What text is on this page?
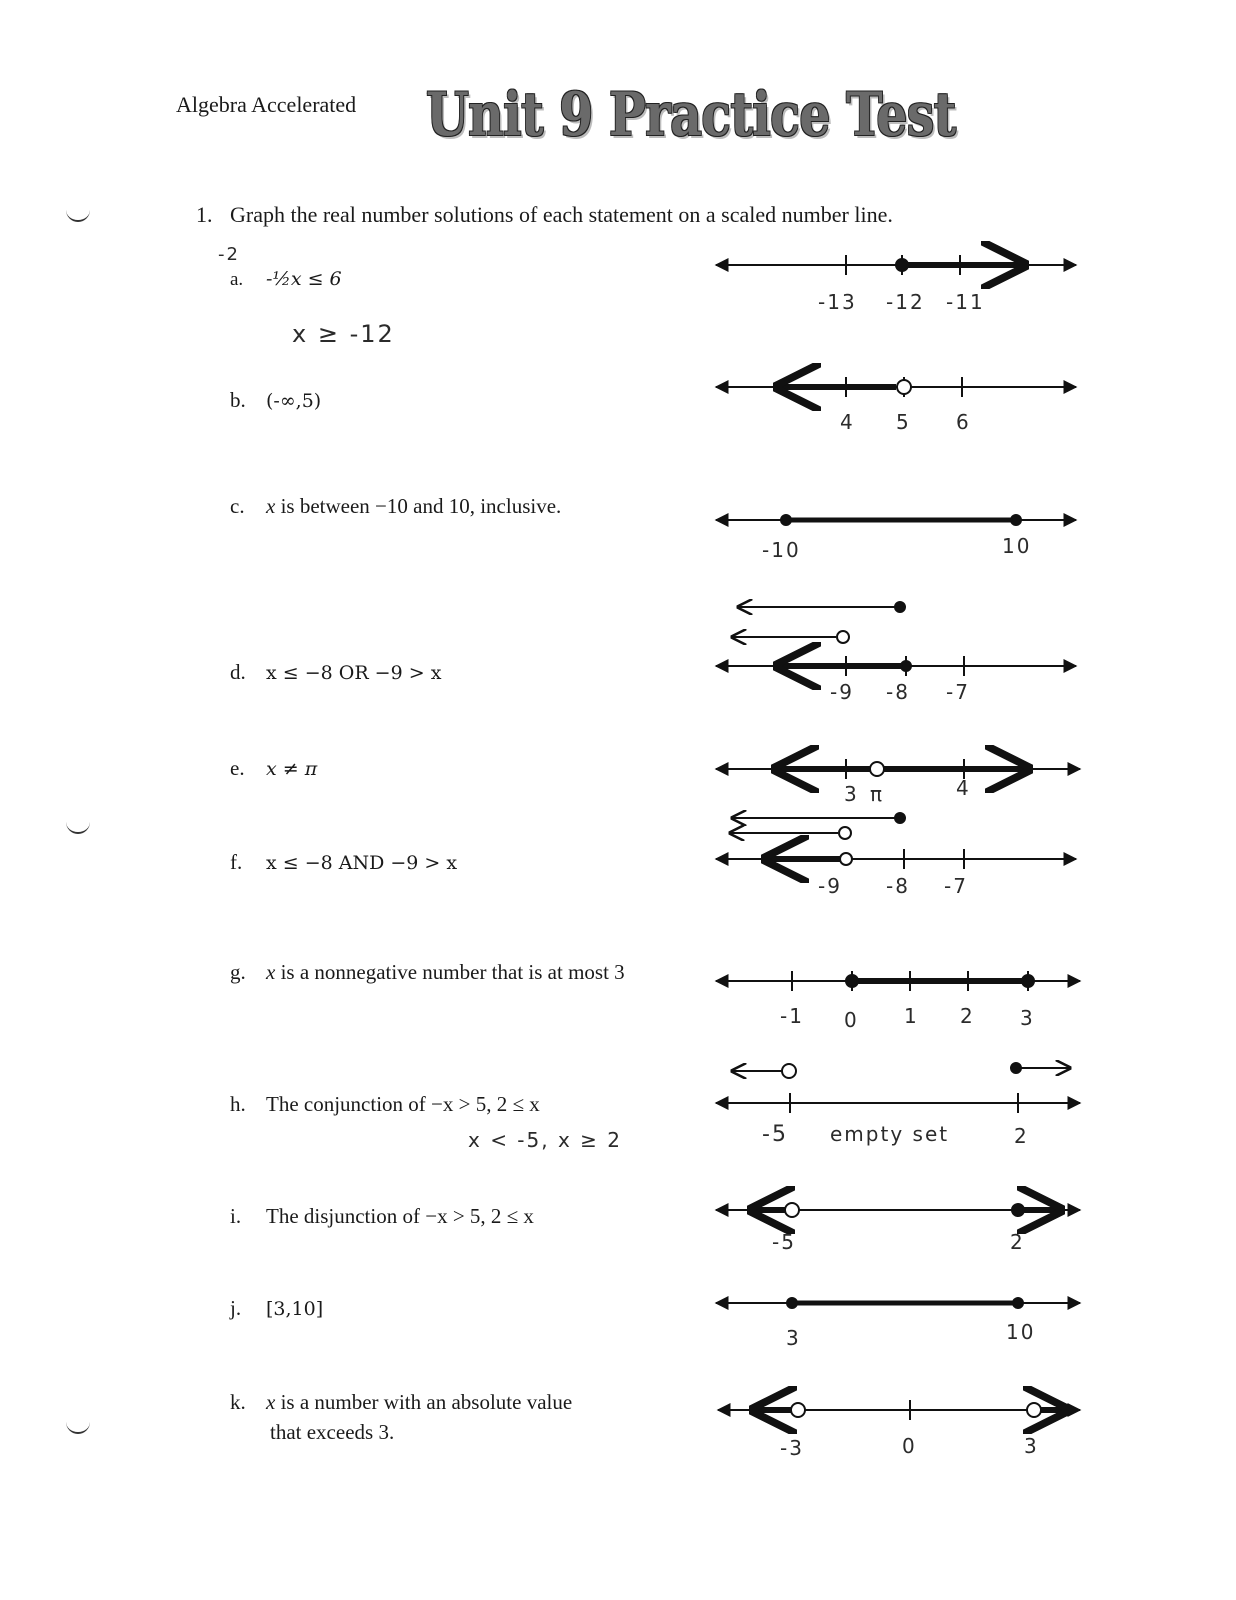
Algebra Accelerated Unit 9 Practice Test
1. Graph the real number solutions of each statement on a scaled number line.
-2
a. -½x ≤ 6
x ≥ -12
b. (-∞,5)
c. x is between −10 and 10, inclusive.
d. x ≤ −8 OR −9 > x
e. x ≠ π
f. x ≤ −8 AND −9 > x
g. x is a nonnegative number that is at most 3
h. The conjunction of −x > 5, 2 ≤ x
x < -5, x ≥ 2
i. The disjunction of −x > 5, 2 ≤ x
j. [3,10]
k. x is a number with an absolute value
that exceeds 3.
-13 -12 -11
4 5 6
-10	10
-9 -8 -7
3 π	4
-9 -8 -7
-1 0 1 2 3
-5 empty set	2
-5	2
3	10
-3	0	3
